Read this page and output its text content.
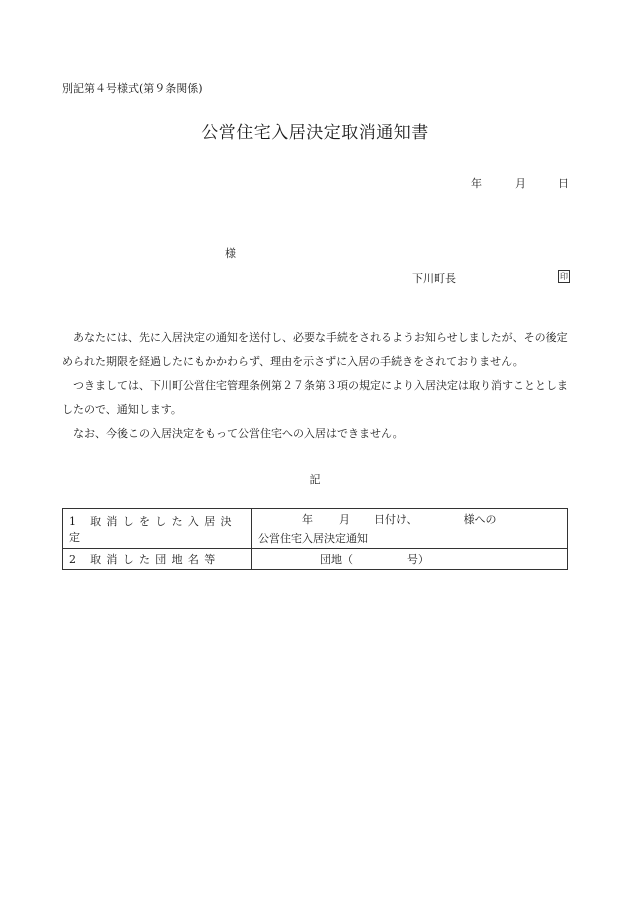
別記第４号様式(第９条関係)
公営住宅入居決定取消通知書
年	月	日
様
下川町長	印

あなたには、先に入居決定の通知を送付し、必要な手続をされるようお知らせしましたが、その後定められた期限を経過したにもかかわらず、理由を示さずに入居の手続きをされておりません。

つきましては、下川町公営住宅管理条例第２７条第３項の規定により入居決定は取り消すこととしましたので、通知します。

なお、今後この入居決定をもって公営住宅への入居はできません。

記
1 取消しをした入居決定	年 月 日付け、 様への
公営住宅入居決定通知

2 取消した団地名等	団地（ 号）
